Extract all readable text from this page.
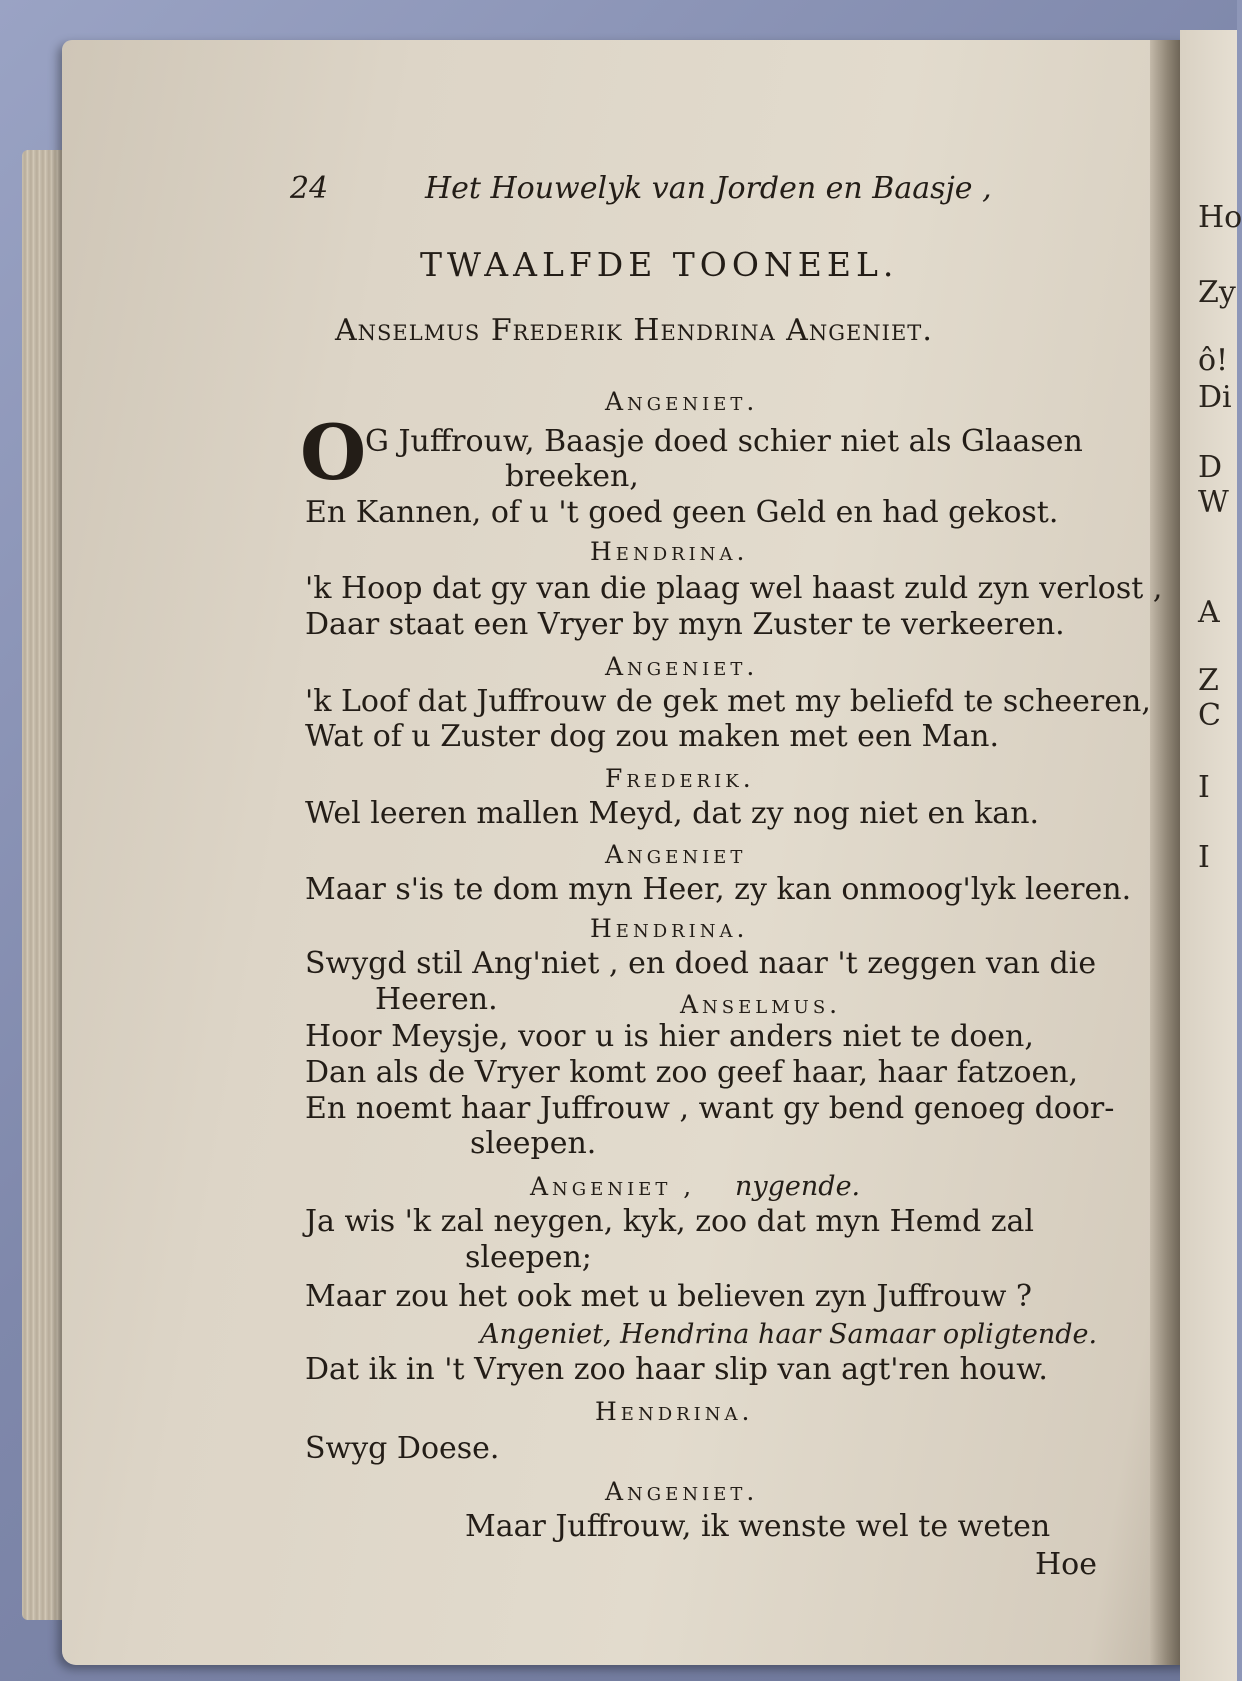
Ho
Zy
ô!
Di
D
W
A
Z
C
I
I
24	Het Houwelyk van Jorden en Baasje ,
TWAALFDE TOONEEL.
Anselmus Frederik Hendrina Angeniet.
Angeniet.
O
G Juffrouw, Baasje doed schier niet als Glaasen
breeken,
En Kannen, of u 't goed geen Geld en had gekost.
Hendrina.
'k Hoop dat gy van die plaag wel haast zuld zyn verlost ,
Daar staat een Vryer by myn Zuster te verkeeren.
Angeniet.
'k Loof dat Juffrouw de gek met my beliefd te scheeren,
Wat of u Zuster dog zou maken met een Man.
Frederik.
Wel leeren mallen Meyd, dat zy nog niet en kan.
Angeniet
Maar s'is te dom myn Heer, zy kan onmoog'lyk leeren.
Hendrina.
Swygd stil Ang'niet , en doed naar 't zeggen van die
Heeren.	Anselmus.
Hoor Meysje, voor u is hier anders niet te doen,
Dan als de Vryer komt zoo geef haar, haar fatzoen,
En noemt haar Juffrouw , want gy bend genoeg door-
sleepen.
Angeniet , nygende.
Ja wis 'k zal neygen, kyk, zoo dat myn Hemd zal
sleepen;
Maar zou het ook met u believen zyn Juffrouw ?
Angeniet, Hendrina haar Samaar opligtende.
Dat ik in 't Vryen zoo haar slip van agt'ren houw.
Hendrina.
Swyg Doese.
Angeniet.
Maar Juffrouw, ik wenste wel te weten
Hoe
